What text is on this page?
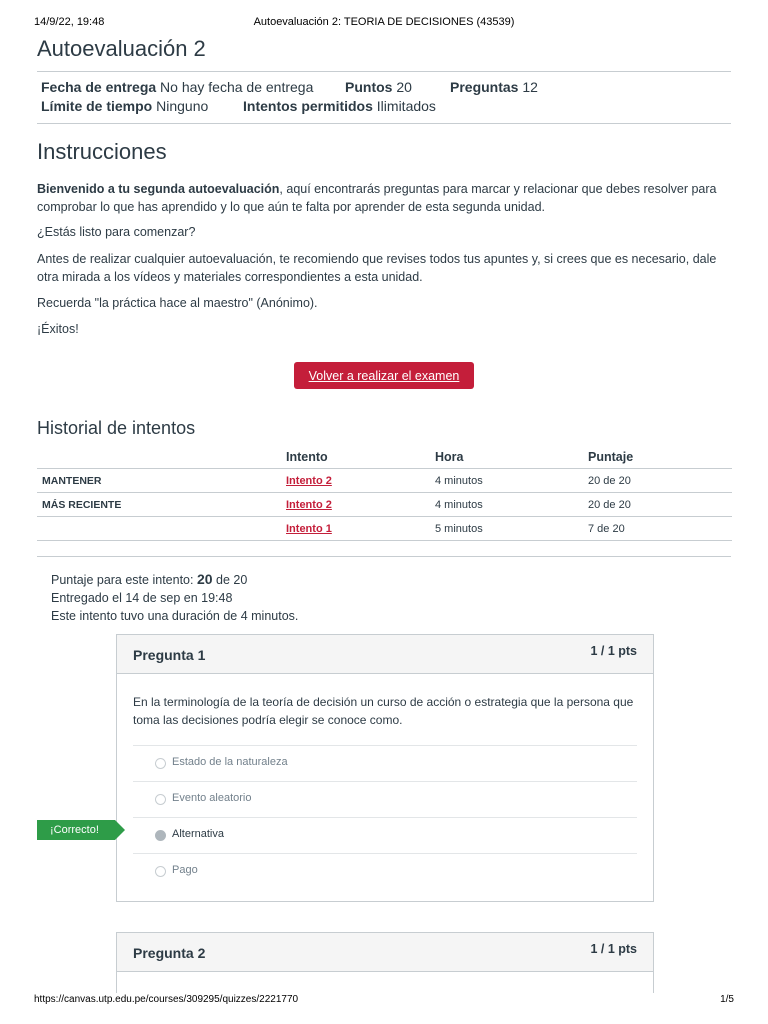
14/9/22, 19:48	Autoevaluación 2: TEORIA DE DECISIONES (43539)
Autoevaluación 2
Fecha de entrega No hay fecha de entrega Puntos 20	Preguntas 12
Límite de tiempo Ninguno Intentos permitidos Ilimitados
Instrucciones

Bienvenido a tu segunda autoevaluación, aquí encontrarás preguntas para marcar y relacionar que debes resolver para comprobar lo que has aprendido y lo que aún te falta por aprender de esta segunda unidad.

¿Estás listo para comenzar?

Antes de realizar cualquier autoevaluación, te recomiendo que revises todos tus apuntes y, si crees que es necesario, dale otra mirada a los vídeos y materiales correspondientes a esta unidad.

Recuerda "la práctica hace al maestro" (Anónimo).

¡Éxitos!

Volver a realizar el examen
Historial de intentos
	Intento	Hora	Puntaje
MANTENER	Intento 2	4 minutos	20 de 20
MÁS RECIENTE	Intento 2	4 minutos	20 de 20
	Intento 1	5 minutos	7 de 20
Puntaje para este intento: 20 de 20
Entregado el 14 de sep en 19:48
Este intento tuvo una duración de 4 minutos.
Pregunta 1	1 / 1 pts

En la terminología de la teoría de decisión un curso de acción o estrategia que la persona que toma las decisiones podría elegir se conoce como.

Estado de la naturaleza
Evento aleatorio
Alternativa
Pago
¡Correcto!
Pregunta 2	1 / 1 pts
https://canvas.utp.edu.pe/courses/309295/quizzes/2221770	1/5
